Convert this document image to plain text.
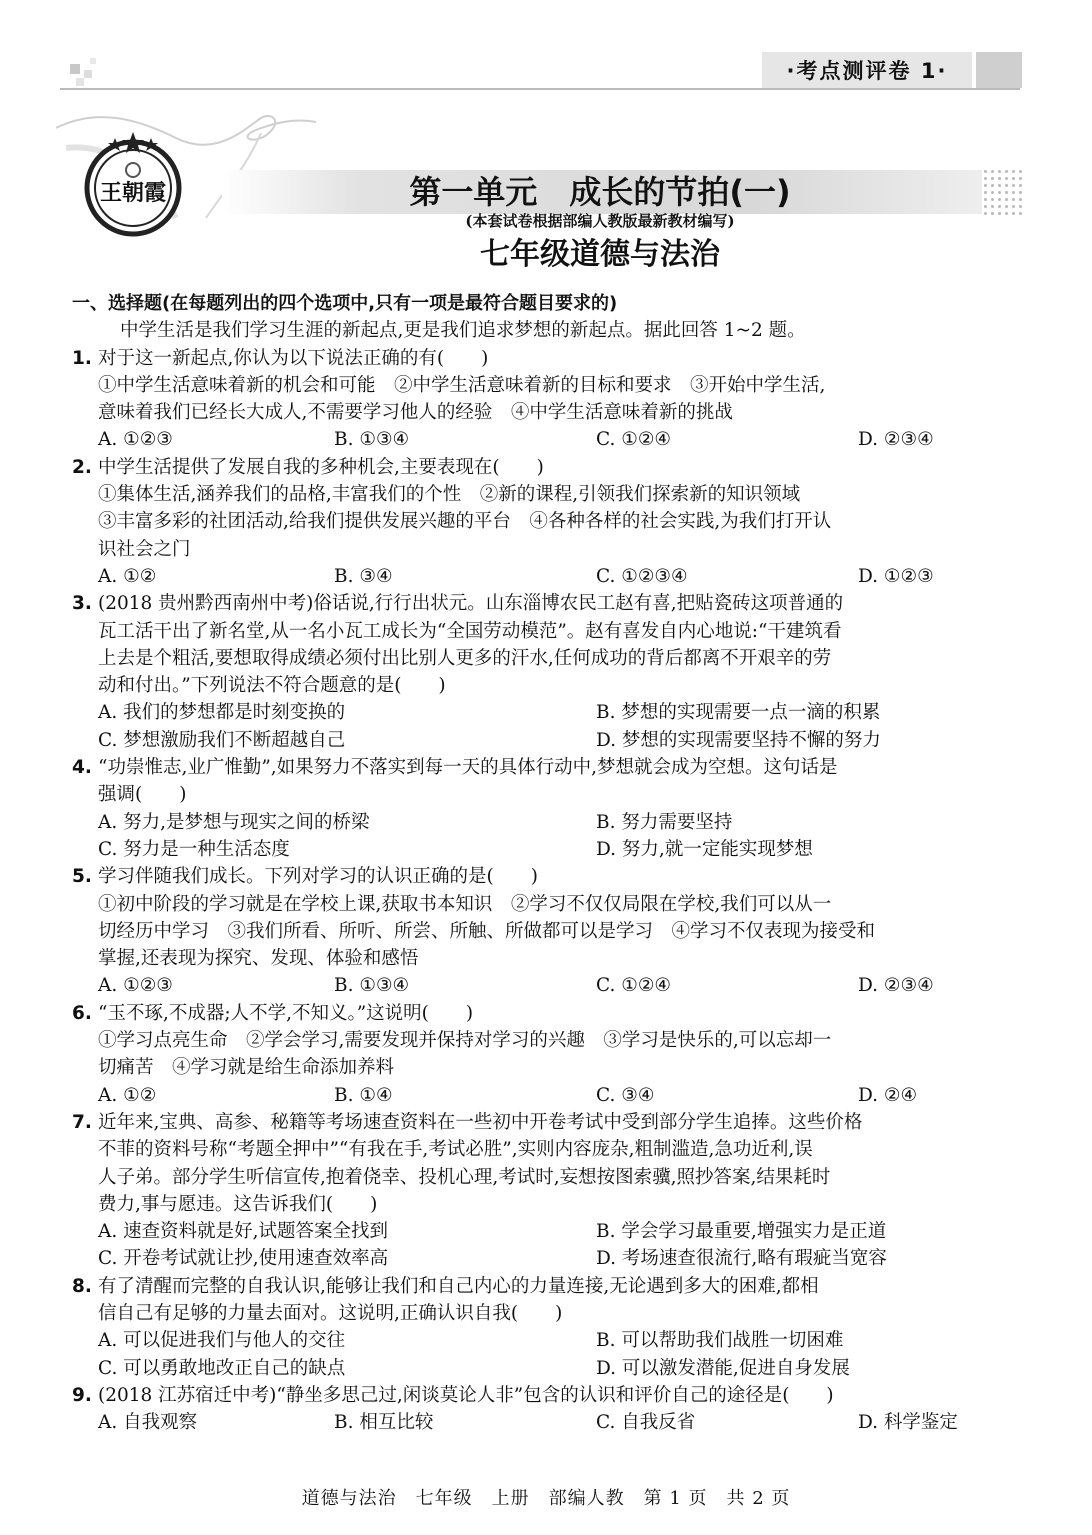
·考点测评卷 1·
王朝霞	第一单元　成长的节拍(一)
(本套试卷根据部编人教版最新教材编写)
七年级道德与法治
一、选择题(在每题列出的四个选项中,只有一项是最符合题目要求的)
中学生活是我们学习生涯的新起点,更是我们追求梦想的新起点。据此回答 1~2 题。
1. 对于这一新起点,你认为以下说法正确的有(　　)
①中学生活意味着新的机会和可能　②中学生活意味着新的目标和要求　③开始中学生活,
意味着我们已经长大成人,不需要学习他人的经验　④中学生活意味着新的挑战
A. ①②③	B. ①③④	C. ①②④	D. ②③④
2. 中学生活提供了发展自我的多种机会,主要表现在(　　)
①集体生活,涵养我们的品格,丰富我们的个性　②新的课程,引领我们探索新的知识领域
③丰富多彩的社团活动,给我们提供发展兴趣的平台　④各种各样的社会实践,为我们打开认
识社会之门
A. ①②	B. ③④	C. ①②③④	D. ①②③
3. (2018 贵州黔西南州中考)俗话说,行行出状元。山东淄博农民工赵有喜,把贴瓷砖这项普通的
瓦工活干出了新名堂,从一名小瓦工成长为“全国劳动模范”。赵有喜发自内心地说:“干建筑看
上去是个粗活,要想取得成绩必须付出比别人更多的汗水,任何成功的背后都离不开艰辛的劳
动和付出。”下列说法不符合题意的是(　　)
A. 我们的梦想都是时刻变换的	B. 梦想的实现需要一点一滴的积累
C. 梦想激励我们不断超越自己	D. 梦想的实现需要坚持不懈的努力
4. “功崇惟志,业广惟勤”,如果努力不落实到每一天的具体行动中,梦想就会成为空想。这句话是
强调(　　)
A. 努力,是梦想与现实之间的桥梁	B. 努力需要坚持
C. 努力是一种生活态度	D. 努力,就一定能实现梦想
5. 学习伴随我们成长。下列对学习的认识正确的是(　　)
①初中阶段的学习就是在学校上课,获取书本知识　②学习不仅仅局限在学校,我们可以从一
切经历中学习　③我们所看、所听、所尝、所触、所做都可以是学习　④学习不仅表现为接受和
掌握,还表现为探究、发现、体验和感悟
A. ①②③	B. ①③④	C. ①②④	D. ②③④
6. “玉不琢,不成器;人不学,不知义。”这说明(　　)
①学习点亮生命　②学会学习,需要发现并保持对学习的兴趣　③学习是快乐的,可以忘却一
切痛苦　④学习就是给生命添加养料
A. ①②	B. ①④	C. ③④	D. ②④
7. 近年来,宝典、高参、秘籍等考场速查资料在一些初中开卷考试中受到部分学生追捧。这些价格
不菲的资料号称“考题全押中”“有我在手,考试必胜”,实则内容庞杂,粗制滥造,急功近利,误
人子弟。部分学生听信宣传,抱着侥幸、投机心理,考试时,妄想按图索骥,照抄答案,结果耗时
费力,事与愿违。这告诉我们(　　)
A. 速查资料就是好,试题答案全找到	B. 学会学习最重要,增强实力是正道
C. 开卷考试就让抄,使用速查效率高	D. 考场速查很流行,略有瑕疵当宽容
8. 有了清醒而完整的自我认识,能够让我们和自己内心的力量连接,无论遇到多大的困难,都相
信自己有足够的力量去面对。这说明,正确认识自我(　　)
A. 可以促进我们与他人的交往	B. 可以帮助我们战胜一切困难
C. 可以勇敢地改正自己的缺点	D. 可以激发潜能,促进自身发展
9. (2018 江苏宿迁中考)“静坐多思己过,闲谈莫论人非”包含的认识和评价自己的途径是(　　)
A. 自我观察	B. 相互比较	C. 自我反省	D. 科学鉴定
道德与法治　七年级　上册　部编人教　第 1 页　共 2 页
